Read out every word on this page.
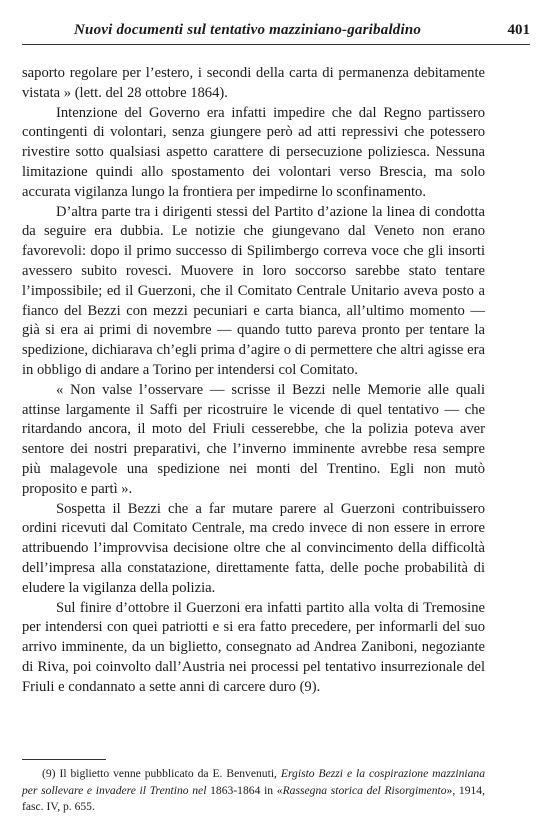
Nuovi documenti sul tentativo mazziniano-garibaldino	401

saporto regolare per l’estero, i secondi della carta di permanenza debitamente vistata » (lett. del 28 ottobre 1864).

Intenzione del Governo era infatti impedire che dal Regno partissero contingenti di volontari, senza giungere però ad atti repressivi che potessero rivestire sotto qualsiasi aspetto carattere di persecuzione poliziesca. Nessuna limitazione quindi allo spostamento dei volontari verso Brescia, ma solo accurata vigilanza lungo la frontiera per impedirne lo sconfinamento.

D’altra parte tra i dirigenti stessi del Partito d’azione la linea di condotta da seguire era dubbia. Le notizie che giungevano dal Veneto non erano favorevoli: dopo il primo successo di Spilimbergo correva voce che gli insorti avessero subito rovesci. Muovere in loro soccorso sarebbe stato tentare l’impossibile; ed il Guerzoni, che il Comitato Centrale Unitario aveva posto a fianco del Bezzi con mezzi pecuniari e carta bianca, all’ultimo momento — già si era ai primi di novembre — quando tutto pareva pronto per tentare la spedizione, dichiarava ch’egli prima d’agire o di permettere che altri agisse era in obbligo di andare a Torino per intendersi col Comitato.

« Non valse l’osservare — scrisse il Bezzi nelle Memorie alle quali attinse largamente il Saffi per ricostruire le vicende di quel tentativo — che ritardando ancora, il moto del Friuli cesserebbe, che la polizia poteva aver sentore dei nostri preparativi, che l’inverno imminente avrebbe resa sempre più malagevole una spedizione nei monti del Trentino. Egli non mutò proposito e partì ».

Sospetta il Bezzi che a far mutare parere al Guerzoni contribuissero ordini ricevuti dal Comitato Centrale, ma credo invece di non essere in errore attribuendo l’improvvisa decisione oltre che al convincimento della difficoltà dell’impresa alla constatazione, direttamente fatta, delle poche probabilità di eludere la vigilanza della polizia.

Sul finire d’ottobre il Guerzoni era infatti partito alla volta di Tremosine per intendersi con quei patriotti e si era fatto precedere, per informarli del suo arrivo imminente, da un biglietto, consegnato ad Andrea Zaniboni, negoziante di Riva, poi coinvolto dall’Austria nei processi pel tentativo insurrezionale del Friuli e condannato a sette anni di carcere duro (9).

(9) Il biglietto venne pubblicato da E. Benvenuti, Ergisto Bezzi e la cospirazione mazziniana per sollevare e invadere il Trentino nel 1863-1864 in «Rassegna storica del Risorgimento», 1914, fasc. IV, p. 655.
